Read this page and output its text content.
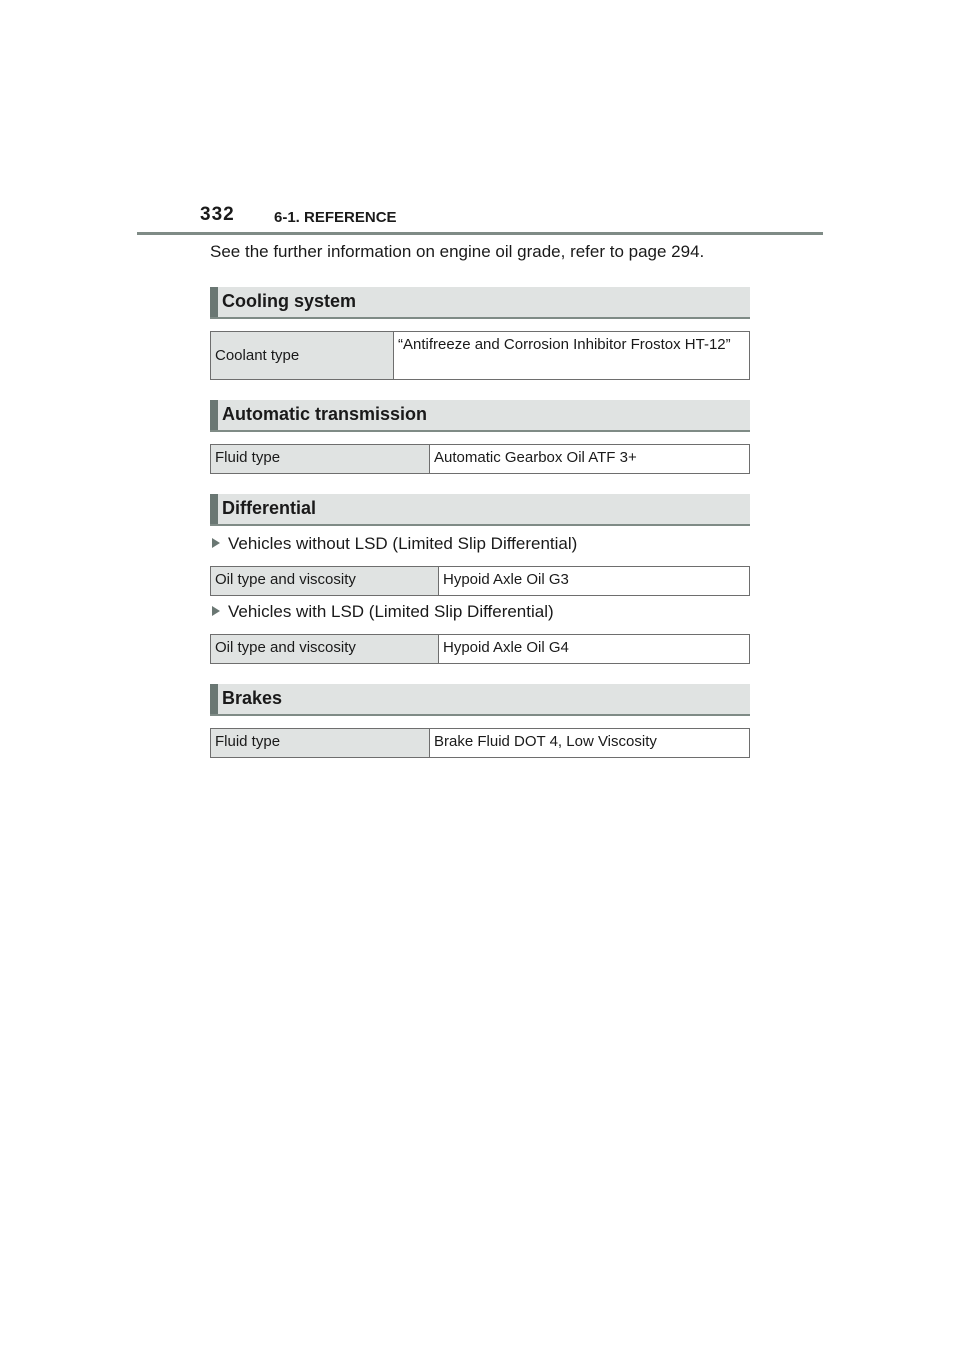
332	6-1. REFERENCE
See the further information on engine oil grade, refer to page 294.
Cooling system
Coolant type	“Antifreeze and Corrosion Inhibitor Frostox HT-12”
Automatic transmission
Fluid type	Automatic Gearbox Oil ATF 3+
Differential
Vehicles without LSD (Limited Slip Differential)
Oil type and viscosity	Hypoid Axle Oil G3
Vehicles with LSD (Limited Slip Differential)
Oil type and viscosity	Hypoid Axle Oil G4
Brakes
Fluid type	Brake Fluid DOT 4, Low Viscosity
